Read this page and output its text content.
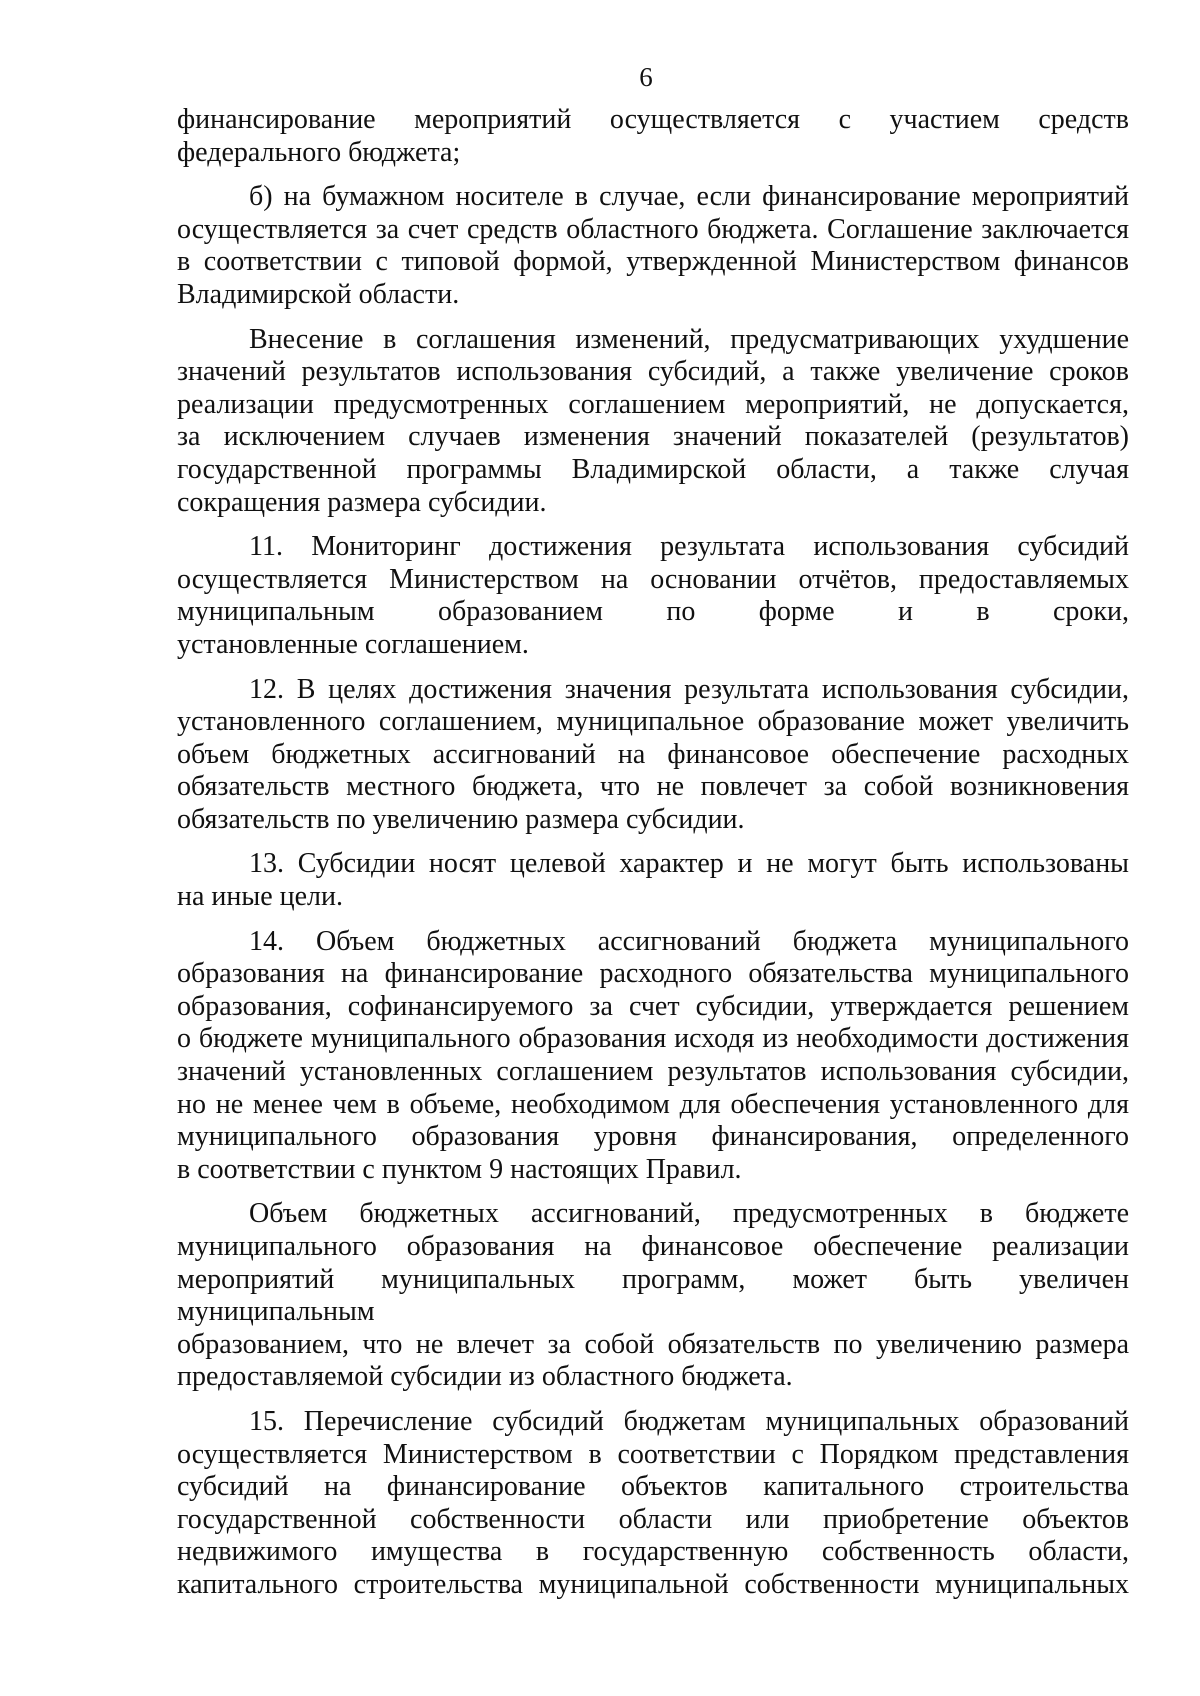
6
финансирование мероприятий осуществляется с участием средств
федерального бюджета;
б) на бумажном носителе в случае, если финансирование мероприятий
осуществляется за счет средств областного бюджета. Соглашение заключается
в соответствии с типовой формой, утвержденной Министерством финансов
Владимирской области.
Внесение в соглашения изменений, предусматривающих ухудшение
значений результатов использования субсидий, а также увеличение сроков
реализации предусмотренных соглашением мероприятий, не допускается,
за исключением случаев изменения значений показателей (результатов)
государственной программы Владимирской области, а также случая
сокращения размера субсидии.
11. Мониторинг достижения результата использования субсидий
осуществляется Министерством на основании отчётов, предоставляемых
муниципальным образованием по форме и в сроки,
установленные соглашением.
12. В целях достижения значения результата использования субсидии,
установленного соглашением, муниципальное образование может увеличить
объем бюджетных ассигнований на финансовое обеспечение расходных
обязательств местного бюджета, что не повлечет за собой возникновения
обязательств по увеличению размера субсидии.
13. Субсидии носят целевой характер и не могут быть использованы
на иные цели.
14. Объем бюджетных ассигнований бюджета муниципального
образования на финансирование расходного обязательства муниципального
образования, софинансируемого за счет субсидии, утверждается решением
о бюджете муниципального образования исходя из необходимости достижения
значений установленных соглашением результатов использования субсидии,
но не менее чем в объеме, необходимом для обеспечения установленного для
муниципального образования уровня финансирования, определенного
в соответствии с пунктом 9 настоящих Правил.
Объем бюджетных ассигнований, предусмотренных в бюджете
муниципального образования на финансовое обеспечение реализации
мероприятий муниципальных программ, может быть увеличен муниципальным
образованием, что не влечет за собой обязательств по увеличению размера
предоставляемой субсидии из областного бюджета.
15. Перечисление субсидий бюджетам муниципальных образований
осуществляется Министерством в соответствии с Порядком представления
субсидий на финансирование объектов капитального строительства
государственной собственности области или приобретение объектов
недвижимого имущества в государственную собственность области,
капитального строительства муниципальной собственности муниципальных
